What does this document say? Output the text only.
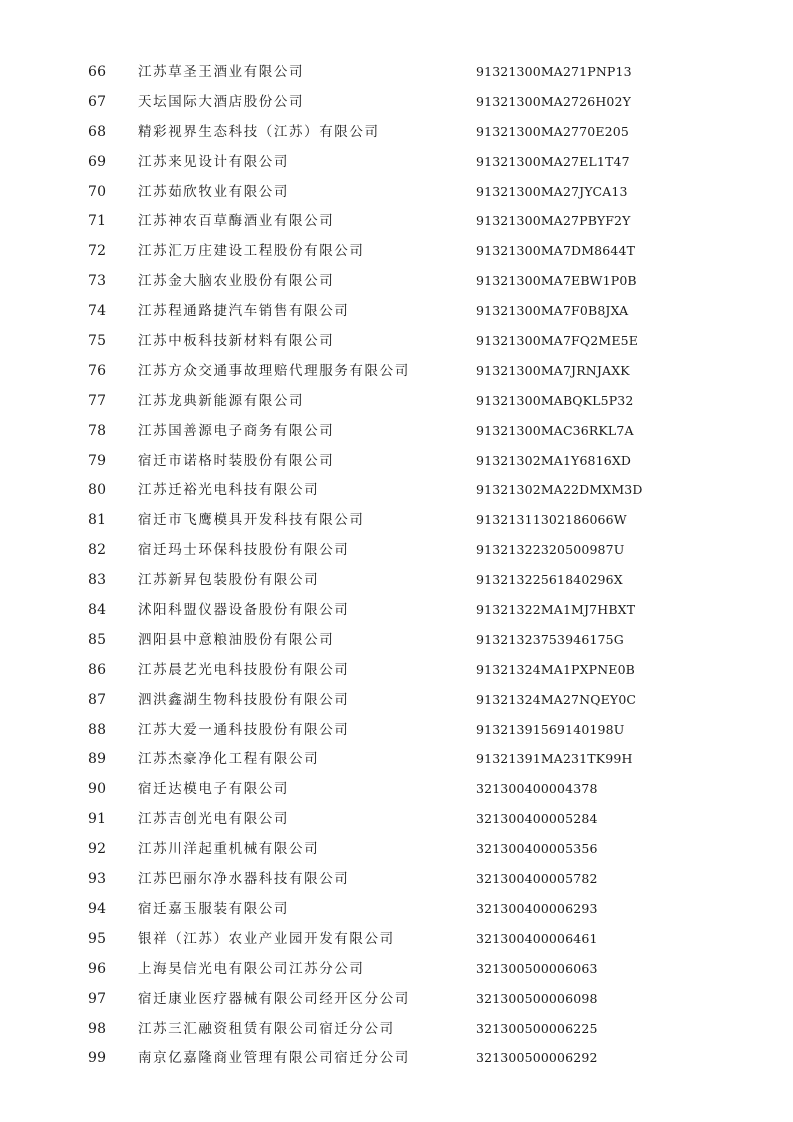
66 江苏草圣王酒业有限公司	91321300MA271PNP13
67 天坛国际大酒店股份公司	91321300MA2726H02Y
68 精彩视界生态科技（江苏）有限公司	91321300MA2770E205
69 江苏来见设计有限公司	91321300MA27EL1T47
70 江苏茹欣牧业有限公司	91321300MA27JYCA13
71 江苏神农百草酶酒业有限公司	91321300MA27PBYF2Y
72 江苏汇万庄建设工程股份有限公司	91321300MA7DM8644T
73 江苏金大脑农业股份有限公司	91321300MA7EBW1P0B
74 江苏程通路捷汽车销售有限公司	91321300MA7F0B8JXA
75 江苏中板科技新材料有限公司	91321300MA7FQ2ME5E
76 江苏方众交通事故理赔代理服务有限公司	91321300MA7JRNJAXK
77 江苏龙典新能源有限公司	91321300MABQKL5P32
78 江苏国善源电子商务有限公司	91321300MAC36RKL7A
79 宿迁市诺格时装股份有限公司	91321302MA1Y6816XD
80 江苏迁裕光电科技有限公司	91321302MA22DMXM3D
81 宿迁市飞鹰模具开发科技有限公司	91321311302186066W
82 宿迁玛士环保科技股份有限公司	91321322320500987U
83 江苏新昇包装股份有限公司	91321322561840296X
84 沭阳科盟仪器设备股份有限公司	91321322MA1MJ7HBXT
85 泗阳县中意粮油股份有限公司	91321323753946175G
86 江苏晨艺光电科技股份有限公司	91321324MA1PXPNE0B
87 泗洪鑫湖生物科技股份有限公司	91321324MA27NQEY0C
88 江苏大爱一通科技股份有限公司	91321391569140198U
89 江苏杰豪净化工程有限公司	91321391MA231TK99H
90 宿迁达模电子有限公司	321300400004378
91 江苏吉创光电有限公司	321300400005284
92 江苏川洋起重机械有限公司	321300400005356
93 江苏巴丽尔净水器科技有限公司	321300400005782
94 宿迁嘉玉服装有限公司	321300400006293
95 银祥（江苏）农业产业园开发有限公司	321300400006461
96 上海昊信光电有限公司江苏分公司	321300500006063
97 宿迁康业医疗器械有限公司经开区分公司	321300500006098
98 江苏三汇融资租赁有限公司宿迁分公司	321300500006225
99 南京亿嘉隆商业管理有限公司宿迁分公司	321300500006292
